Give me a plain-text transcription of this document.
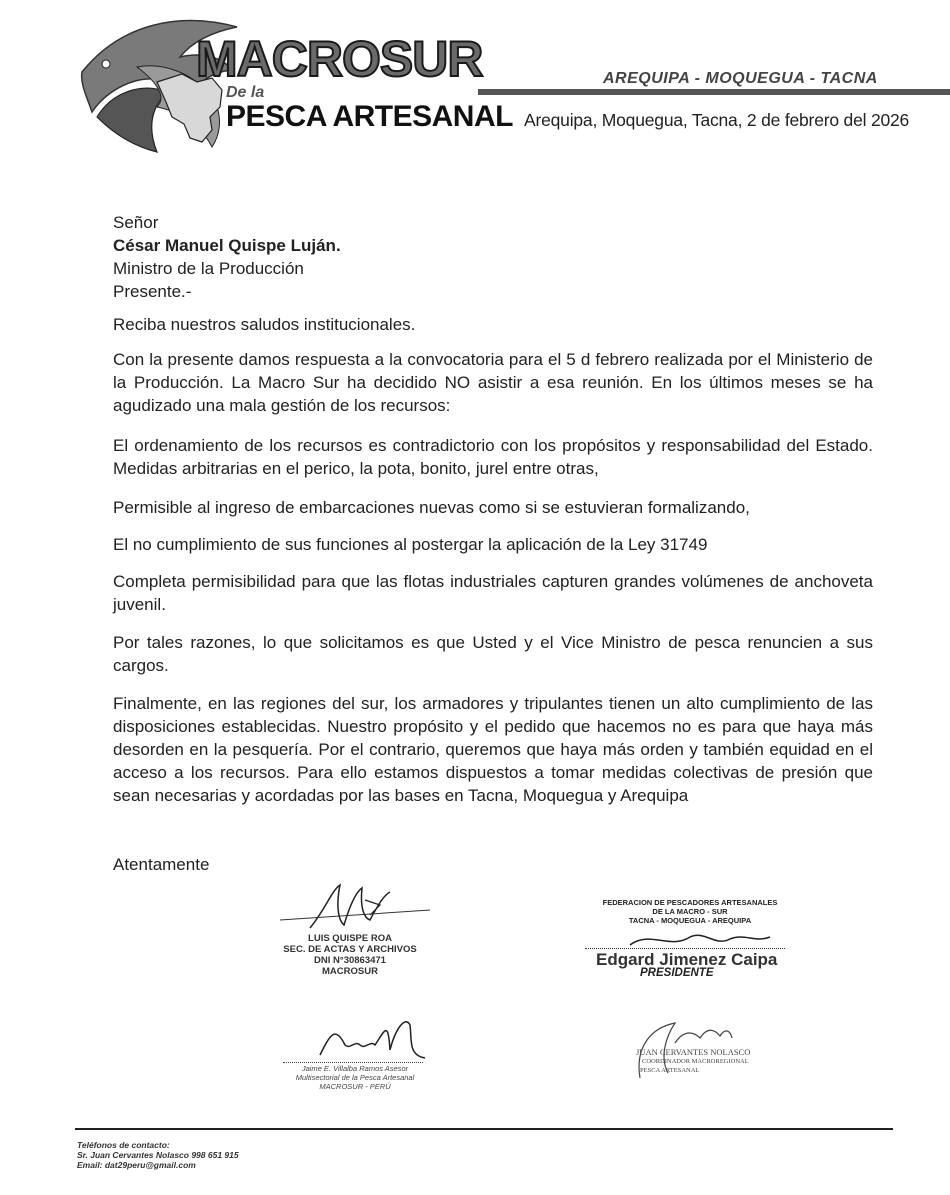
MACROSUR
De la
PESCA ARTESANAL
AREQUIPA - MOQUEGUA - TACNA
Arequipa, Moquegua, Tacna, 2 de febrero del 2026
Señor
César Manuel Quispe Luján.
Ministro de la Producción
Presente.-
Reciba nuestros saludos institucionales.
Con la presente damos respuesta a la convocatoria para el 5 d febrero realizada por el Ministerio de la Producción. La Macro Sur ha decidido NO asistir a esa reunión. En los últimos meses se ha agudizado una mala gestión de los recursos:
El ordenamiento de los recursos es contradictorio con los propósitos y responsabilidad del Estado. Medidas arbitrarias en el perico, la pota, bonito, jurel entre otras,
Permisible al ingreso de embarcaciones nuevas como si se estuvieran formalizando,
El no cumplimiento de sus funciones al postergar la aplicación de la Ley 31749
Completa permisibilidad para que las flotas industriales capturen grandes volúmenes de anchoveta juvenil.
Por tales razones, lo que solicitamos es que Usted y el Vice Ministro de pesca renuncien a sus cargos.
Finalmente, en las regiones del sur, los armadores y tripulantes tienen un alto cumplimiento de las disposiciones establecidas. Nuestro propósito y el pedido que hacemos no es para que haya más desorden en la pesquería. Por el contrario, queremos que haya más orden y también equidad en el acceso a los recursos. Para ello estamos dispuestos a tomar medidas colectivas de presión que sean necesarias y acordadas por las bases en Tacna, Moquegua y Arequipa
Atentamente
LUIS QUISPE ROA
SEC. DE ACTAS Y ARCHIVOS
DNI N°30863471
MACROSUR
FEDERACION DE PESCADORES ARTESANALES
DE LA MACRO - SUR
TACNA - MOQUEGUA - AREQUIPA
Edgard Jimenez Caipa
PRESIDENTE
Jaime E. Villalba Ramos Asesor
Multisectorial de la Pesca Artesanal
MACROSUR - PERÚ
JUAN CERVANTES NOLASCO
COORDINADOR MACROREGIONAL
PESCA ARTESANAL
Teléfonos de contacto:
Sr. Juan Cervantes Nolasco 998 651 915
Email: dat29peru@gmail.com
